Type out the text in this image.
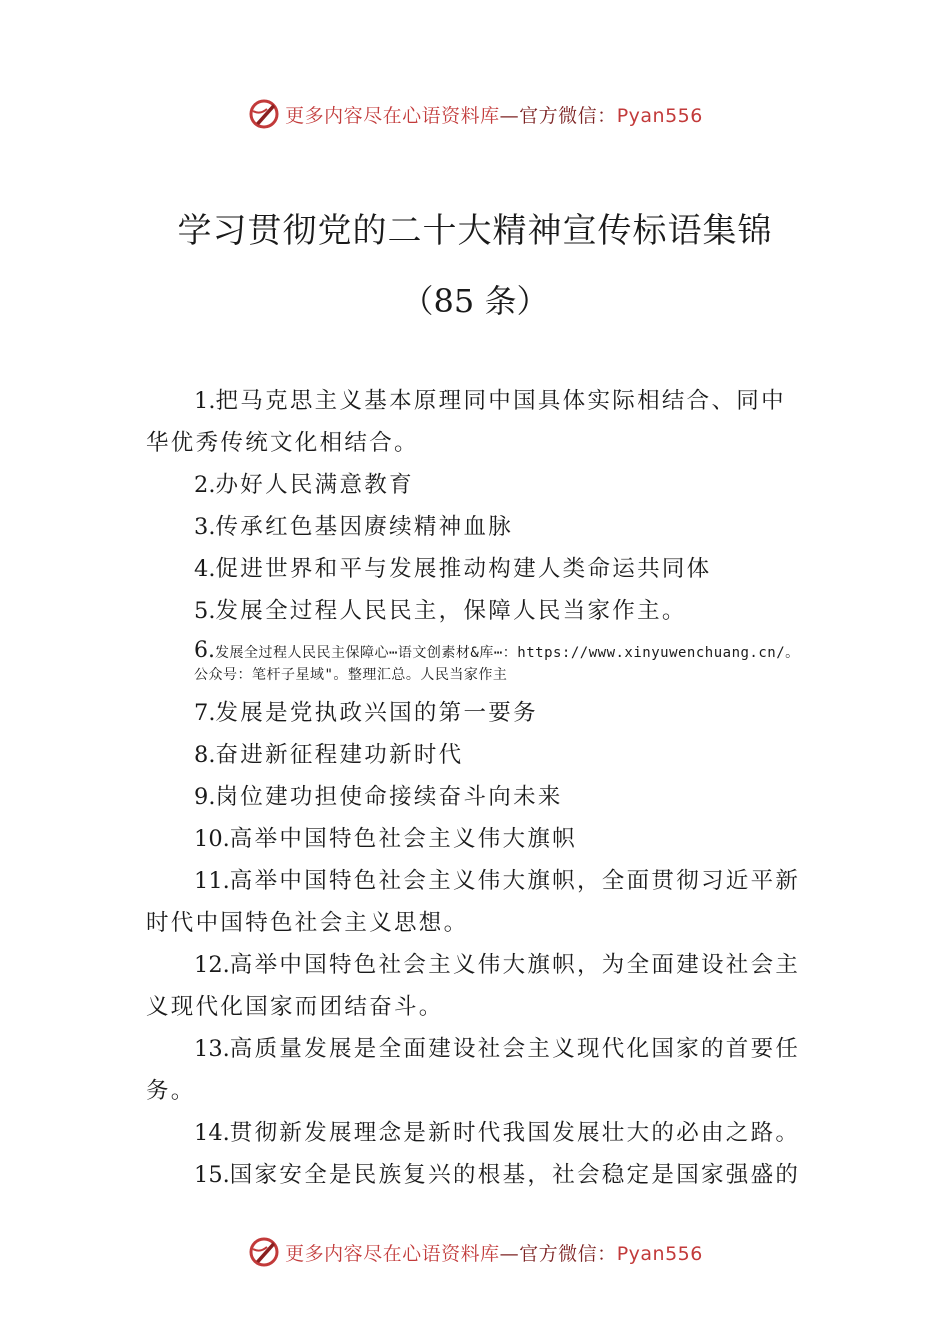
更多内容尽在心语资料库—官方微信：Pyan556
学习贯彻党的二十大精神宣传标语集锦
（85 条）

1.把马克思主义基本原理同中国具体实际相结合、同中华优秀传统文化相结合。

2.办好人民满意教育

3.传承红色基因赓续精神血脉

4.促进世界和平与发展推动构建人类命运共同体

5.发展全过程人民民主，保障人民当家作主。

6.发展全过程人民民主保障心⋯语文创素材&库⋯：https://www.xinyuwenchuang.cn/。公众号：笔杆子星域"。整理汇总。人民当家作主

7.发展是党执政兴国的第一要务

8.奋进新征程建功新时代

9.岗位建功担使命接续奋斗向未来

10.高举中国特色社会主义伟大旗帜

11.高举中国特色社会主义伟大旗帜，全面贯彻习近平新时代中国特色社会主义思想。

12.高举中国特色社会主义伟大旗帜，为全面建设社会主义现代化国家而团结奋斗。

13.高质量发展是全面建设社会主义现代化国家的首要任务。

14.贯彻新发展理念是新时代我国发展壮大的必由之路。

15.国家安全是民族复兴的根基，社会稳定是国家强盛的

更多内容尽在心语资料库—官方微信：Pyan556
